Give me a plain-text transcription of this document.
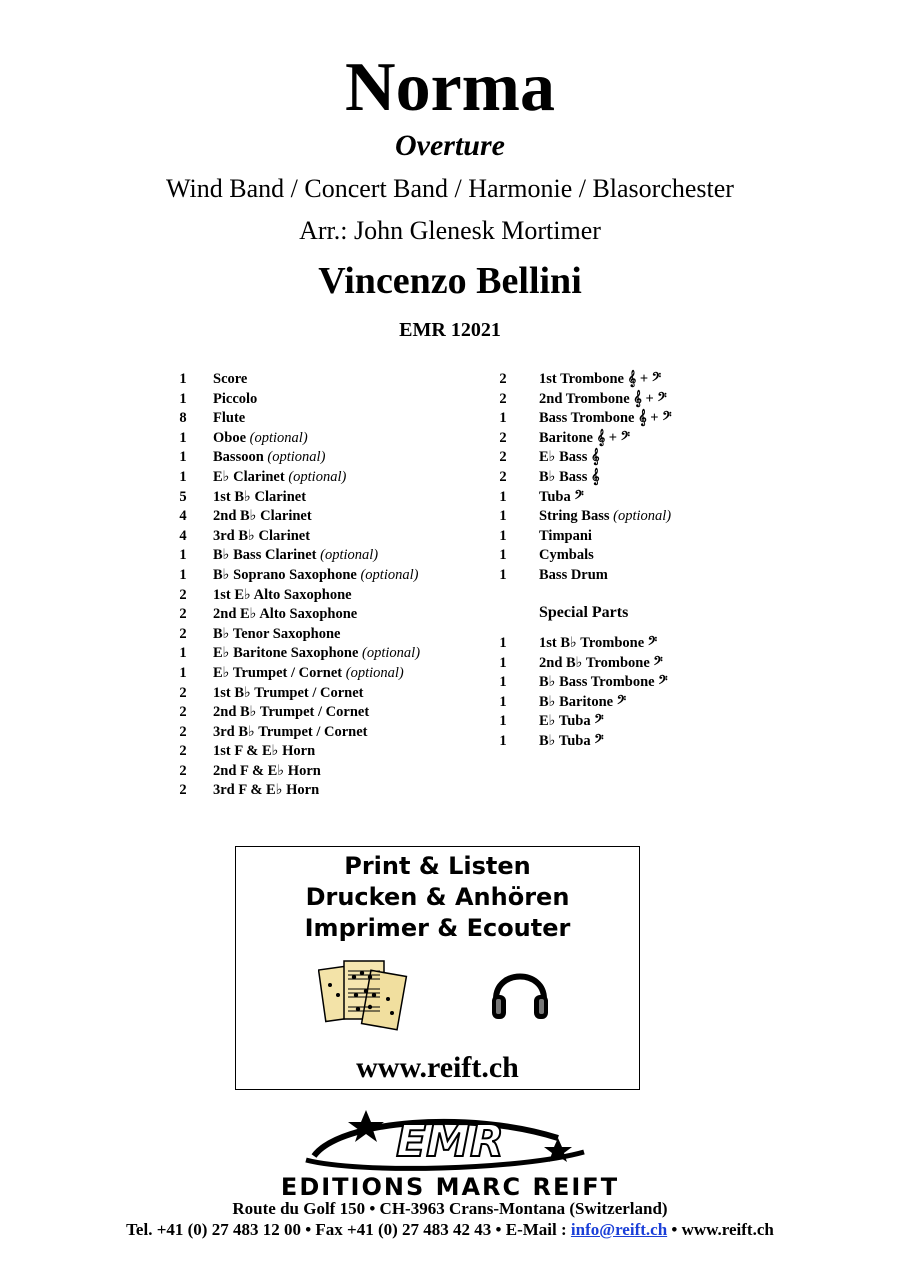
Norma
Overture
Wind Band / Concert Band / Harmonie / Blasorchester
Arr.: John Glenesk Mortimer
Vincenzo Bellini
EMR 12021
1	Score
1	Piccolo
8	Flute
1	Oboe (optional)
1	Bassoon (optional)
1	E♭ Clarinet (optional)
5	1st B♭ Clarinet
4	2nd B♭ Clarinet
4	3rd B♭ Clarinet
1	B♭ Bass Clarinet (optional)
1	B♭ Soprano Saxophone (optional)
2	1st E♭ Alto Saxophone
2	2nd E♭ Alto Saxophone
2	B♭ Tenor Saxophone
1	E♭ Baritone Saxophone (optional)
1	E♭ Trumpet / Cornet (optional)
2	1st B♭ Trumpet / Cornet
2	2nd B♭ Trumpet / Cornet
2	3rd B♭ Trumpet / Cornet
2	1st F & E♭ Horn
2	2nd F & E♭ Horn
2	3rd F & E♭ Horn
2	1st Trombone 𝄞 + 𝄢
2	2nd Trombone 𝄞 + 𝄢
1	Bass Trombone 𝄞 + 𝄢
2	Baritone 𝄞 + 𝄢
2	E♭ Bass 𝄞
2	B♭ Bass 𝄞
1	Tuba 𝄢
1	String Bass (optional)
1	Timpani
1	Cymbals
1	Bass Drum
Special Parts
1	1st B♭ Trombone 𝄢
1	2nd B♭ Trombone 𝄢
1	B♭ Bass Trombone 𝄢
1	B♭ Baritone 𝄢
1	E♭ Tuba 𝄢
1	B♭ Tuba 𝄢
Print & Listen
Drucken & Anhören
Imprimer & Ecouter
www.reift.ch
EMR
EDITIONS MARC REIFT
Route du Golf 150 • CH-3963 Crans-Montana (Switzerland)
Tel. +41 (0) 27 483 12 00 • Fax +41 (0) 27 483 42 43 • E-Mail : info@reift.ch • www.reift.ch
